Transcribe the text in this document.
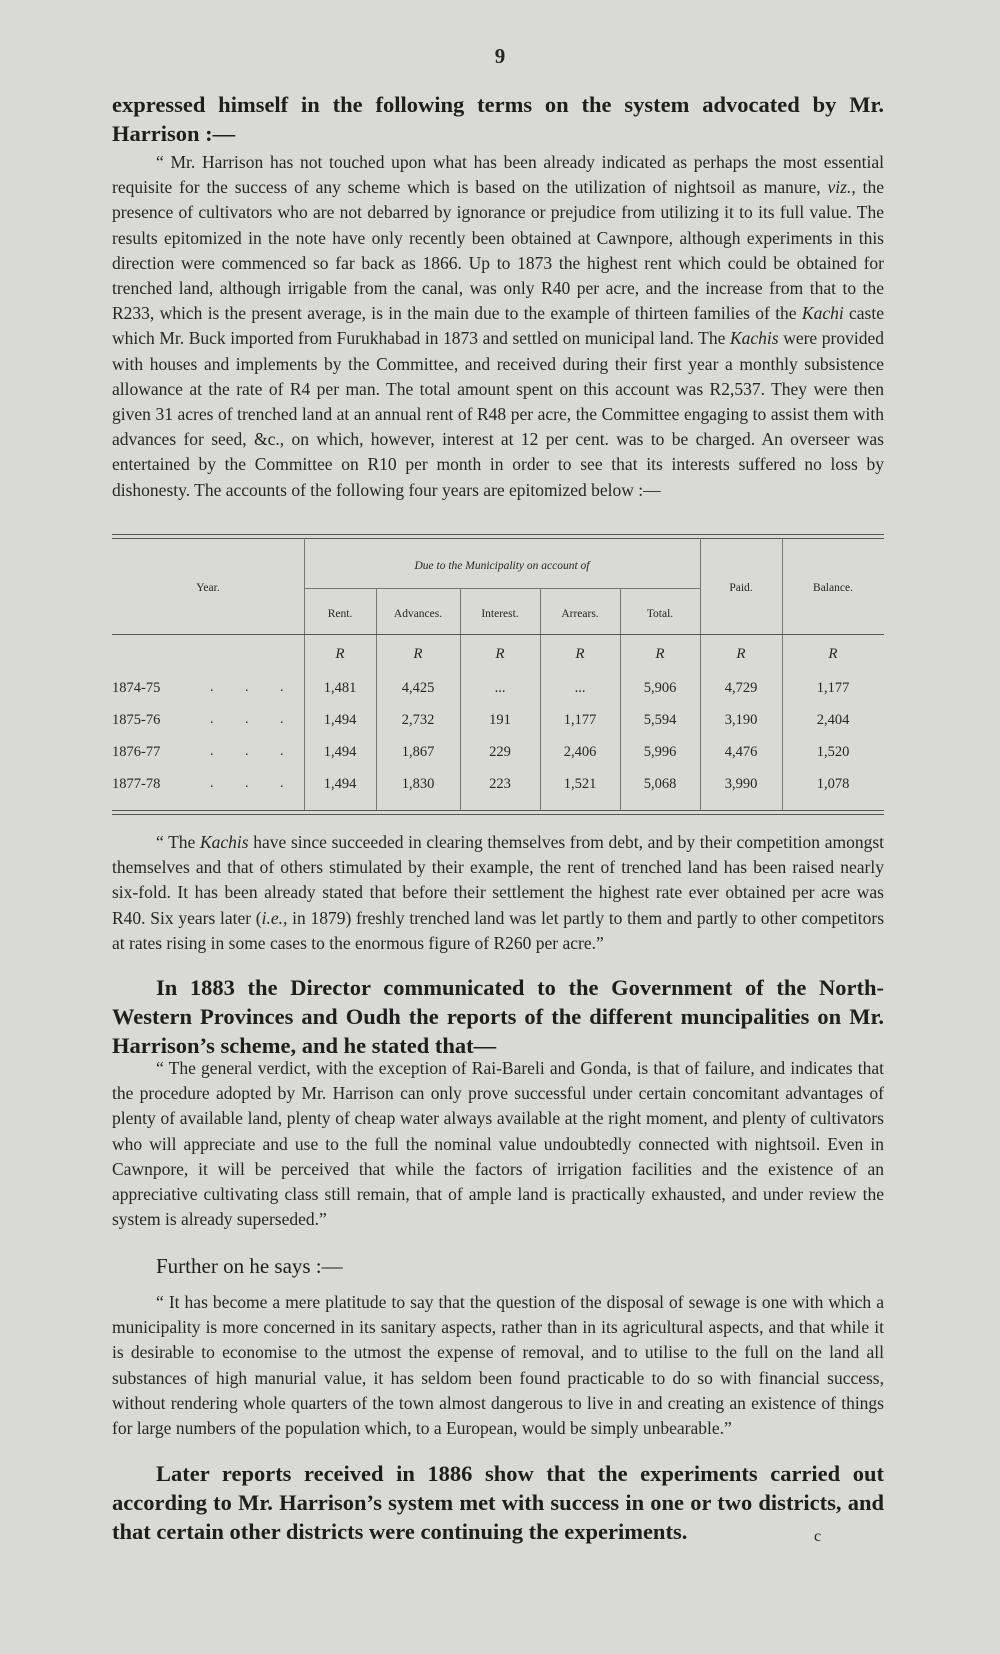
9
expressed himself in the following terms on the system advocated by Mr. Harrison :—
“ Mr. Harrison has not touched upon what has been already indicated as perhaps the most essential requisite for the success of any scheme which is based on the utilization of nightsoil as manure, viz., the presence of cultivators who are not debarred by ignorance or prejudice from utilizing it to its full value. The results epitomized in the note have only recently been obtained at Cawnpore, although experiments in this direction were commenced so far back as 1866. Up to 1873 the highest rent which could be obtained for trenched land, although irrigable from the canal, was only R40 per acre, and the increase from that to the R233, which is the present average, is in the main due to the example of thirteen families of the Kachi caste which Mr. Buck imported from Furukhabad in 1873 and settled on municipal land. The Kachis were provided with houses and implements by the Committee, and received during their first year a monthly subsistence allowance at the rate of R4 per man. The total amount spent on this account was R2,537. They were then given 31 acres of trenched land at an annual rent of R48 per acre, the Committee engaging to assist them with advances for seed, &c., on which, however, interest at 12 per cent. was to be charged. An overseer was entertained by the Committee on R10 per month in order to see that its interests suffered no loss by dishonesty. The accounts of the following four years are epitomized below :—
Year.
Due to the Municipality on account of
Rent.	Advances.	Interest.	Arrears.	Total.
Paid.	Balance.
R	R	R	R	R	R	R
1874-75	. . .	1,481	4,425	...	...	5,906	4,729	1,177
1875-76	. . .	1,494	2,732	191	1,177	5,594	3,190	2,404
1876-77	. . .	1,494	1,867	229	2,406	5,996	4,476	1,520
1877-78	. . .	1,494	1,830	223	1,521	5,068	3,990	1,078
“ The Kachis have since succeeded in clearing themselves from debt, and by their competition amongst themselves and that of others stimulated by their example, the rent of trenched land has been raised nearly six-fold. It has been already stated that before their settlement the highest rate ever obtained per acre was R40. Six years later (i.e., in 1879) freshly trenched land was let partly to them and partly to other competitors at rates rising in some cases to the enormous figure of R260 per acre.”
In 1883 the Director communicated to the Government of the North-Western Provinces and Oudh the reports of the different muncipalities on Mr. Harrison’s scheme, and he stated that—
“ The general verdict, with the exception of Rai-Bareli and Gonda, is that of failure, and indicates that the procedure adopted by Mr. Harrison can only prove successful under certain concomitant advantages of plenty of available land, plenty of cheap water always available at the right moment, and plenty of cultivators who will appreciate and use to the full the nominal value undoubtedly connected with nightsoil. Even in Cawnpore, it will be perceived that while the factors of irrigation facilities and the existence of an appreciative cultivating class still remain, that of ample land is practically exhausted, and under review the system is already superseded.”
Further on he says :—
“ It has become a mere platitude to say that the question of the disposal of sewage is one with which a municipality is more concerned in its sanitary aspects, rather than in its agricultural aspects, and that while it is desirable to economise to the utmost the expense of removal, and to utilise to the full on the land all substances of high manurial value, it has seldom been found practicable to do so with financial success, without rendering whole quarters of the town almost dangerous to live in and creating an existence of things for large numbers of the population which, to a European, would be simply unbearable.”
Later reports received in 1886 show that the experiments carried out according to Mr. Harrison’s system met with success in one or two districts, and that certain other districts were continuing the experiments.	c
